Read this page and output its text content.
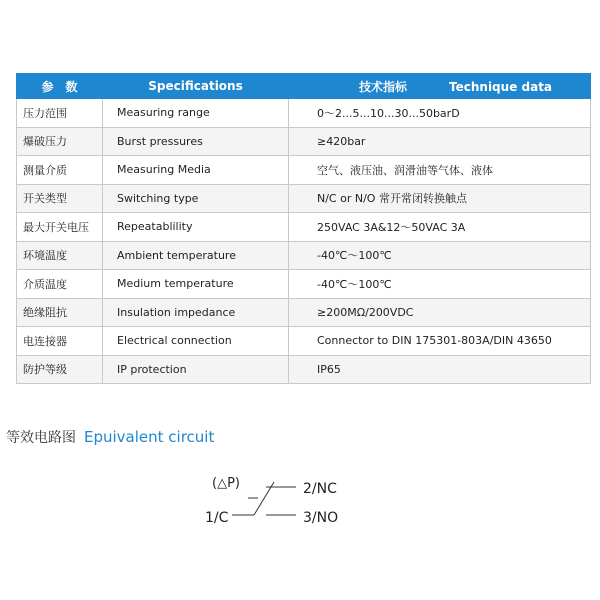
参　数	Specifications	技术指标 Technique data
压力范围	Measuring range	0～2...5...10...30...50barD
爆破压力	Burst pressures	≥420bar
测量介质	Measuring Media	空气、液压油、润滑油等气体、液体
开关类型	Switching type	N/C or N/O 常开常闭转换触点
最大开关电压	Repeatablility	250VAC 3A&12～50VAC 3A
环境温度	Ambient temperature	-40℃～100℃
介质温度	Medium temperature	-40℃～100℃
绝缘阻抗	Insulation impedance	≥200MΩ/200VDC
电连接器	Electrical connection	Connector to DIN 175301-803A/DIN 43650
防护等级	IP protection	IP65
等效电路图 Epuivalent circuit
(△P)
1/C
2/NC
3/NO
